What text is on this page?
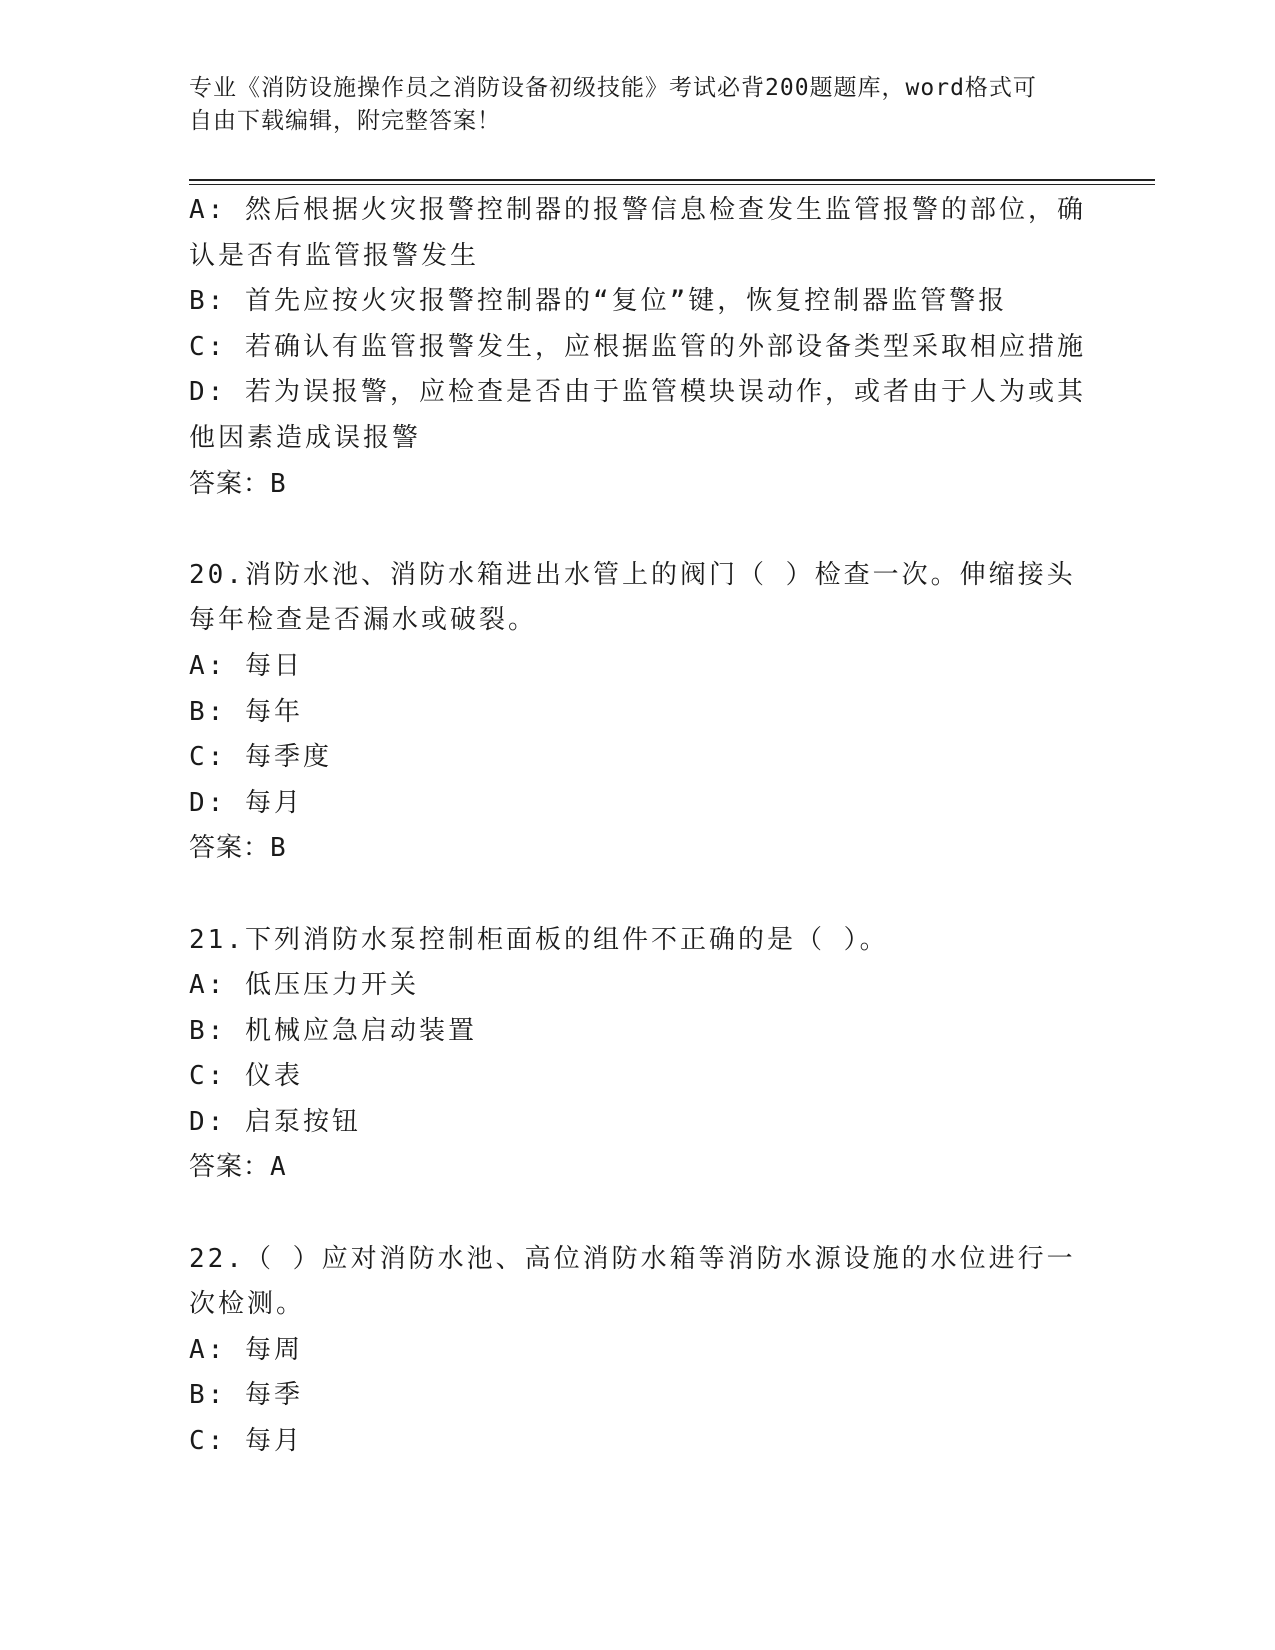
专业《消防设施操作员之消防设备初级技能》考试必背200题题库，word格式可
自由下载编辑，附完整答案！
A: 然后根据火灾报警控制器的报警信息检查发生监管报警的部位，确
认是否有监管报警发生
B: 首先应按火灾报警控制器的“复位”键，恢复控制器监管警报
C: 若确认有监管报警发生，应根据监管的外部设备类型采取相应措施
D: 若为误报警，应检查是否由于监管模块误动作，或者由于人为或其
他因素造成误报警
答案：B
20.消防水池、消防水箱进出水管上的阀门（ ）检查一次。伸缩接头
每年检查是否漏水或破裂。
A: 每日
B: 每年
C: 每季度
D: 每月
答案：B
21.下列消防水泵控制柜面板的组件不正确的是（ ）。
A: 低压压力开关
B: 机械应急启动装置
C: 仪表
D: 启泵按钮
答案：A
22.（ ）应对消防水池、高位消防水箱等消防水源设施的水位进行一
次检测。
A: 每周
B: 每季
C: 每月
